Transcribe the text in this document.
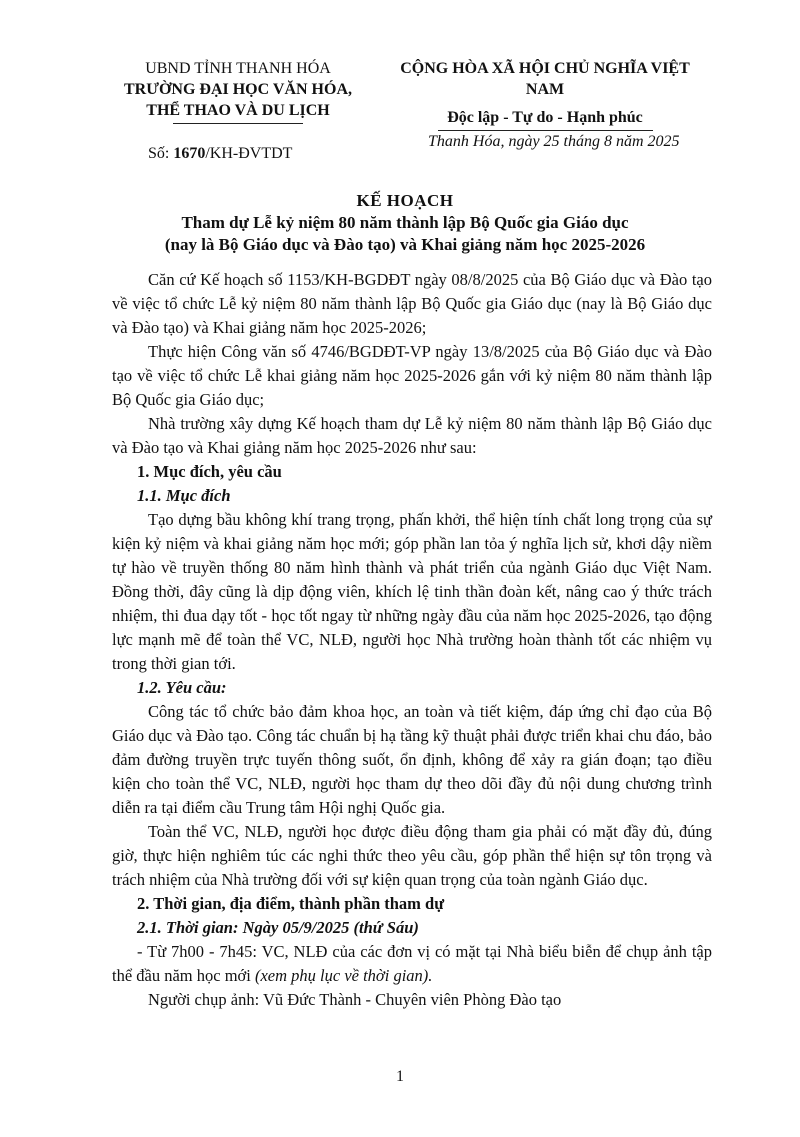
UBND TỈNH THANH HÓA
TRƯỜNG ĐẠI HỌC VĂN HÓA,
THỂ THAO VÀ DU LỊCH
CỘNG HÒA XÃ HỘI CHỦ NGHĨA VIỆT NAM
Độc lập - Tự do - Hạnh phúc
Số: 1670/KH-ĐVTDT
Thanh Hóa, ngày 25 tháng 8 năm 2025
KẾ HOẠCH
Tham dự Lễ kỷ niệm 80 năm thành lập Bộ Quốc gia Giáo dục
(nay là Bộ Giáo dục và Đào tạo) và Khai giảng năm học 2025-2026

Căn cứ Kế hoạch số 1153/KH-BGDĐT ngày 08/8/2025 của Bộ Giáo dục và Đào tạo về việc tổ chức Lễ kỷ niệm 80 năm thành lập Bộ Quốc gia Giáo dục (nay là Bộ Giáo dục và Đào tạo) và Khai giảng năm học 2025-2026;

Thực hiện Công văn số 4746/BGDĐT-VP ngày 13/8/2025 của Bộ Giáo dục và Đào tạo về việc tổ chức Lễ khai giảng năm học 2025-2026 gắn với kỷ niệm 80 năm thành lập Bộ Quốc gia Giáo dục;

Nhà trường xây dựng Kế hoạch tham dự Lễ kỷ niệm 80 năm thành lập Bộ Giáo dục và Đào tạo và Khai giảng năm học 2025-2026 như sau:

1. Mục đích, yêu cầu

1.1. Mục đích

Tạo dựng bầu không khí trang trọng, phấn khởi, thể hiện tính chất long trọng của sự kiện kỷ niệm và khai giảng năm học mới; góp phần lan tỏa ý nghĩa lịch sử, khơi dậy niềm tự hào về truyền thống 80 năm hình thành và phát triển của ngành Giáo dục Việt Nam. Đồng thời, đây cũng là dịp động viên, khích lệ tinh thần đoàn kết, nâng cao ý thức trách nhiệm, thi đua dạy tốt - học tốt ngay từ những ngày đầu của năm học 2025-2026, tạo động lực mạnh mẽ để toàn thể VC, NLĐ, người học Nhà trường hoàn thành tốt các nhiệm vụ trong thời gian tới.

1.2. Yêu cầu:

Công tác tổ chức bảo đảm khoa học, an toàn và tiết kiệm, đáp ứng chỉ đạo của Bộ Giáo dục và Đào tạo. Công tác chuẩn bị hạ tầng kỹ thuật phải được triển khai chu đáo, bảo đảm đường truyền trực tuyến thông suốt, ổn định, không để xảy ra gián đoạn; tạo điều kiện cho toàn thể VC, NLĐ, người học tham dự theo dõi đầy đủ nội dung chương trình diễn ra tại điểm cầu Trung tâm Hội nghị Quốc gia.

Toàn thể VC, NLĐ, người học được điều động tham gia phải có mặt đầy đủ, đúng giờ, thực hiện nghiêm túc các nghi thức theo yêu cầu, góp phần thể hiện sự tôn trọng và trách nhiệm của Nhà trường đối với sự kiện quan trọng của toàn ngành Giáo dục.

2. Thời gian, địa điểm, thành phần tham dự

2.1. Thời gian: Ngày 05/9/2025 (thứ Sáu)

- Từ 7h00 - 7h45: VC, NLĐ của các đơn vị có mặt tại Nhà biểu biễn để chụp ảnh tập thể đầu năm học mới (xem phụ lục về thời gian).

Người chụp ảnh: Vũ Đức Thành - Chuyên viên Phòng Đào tạo

1
